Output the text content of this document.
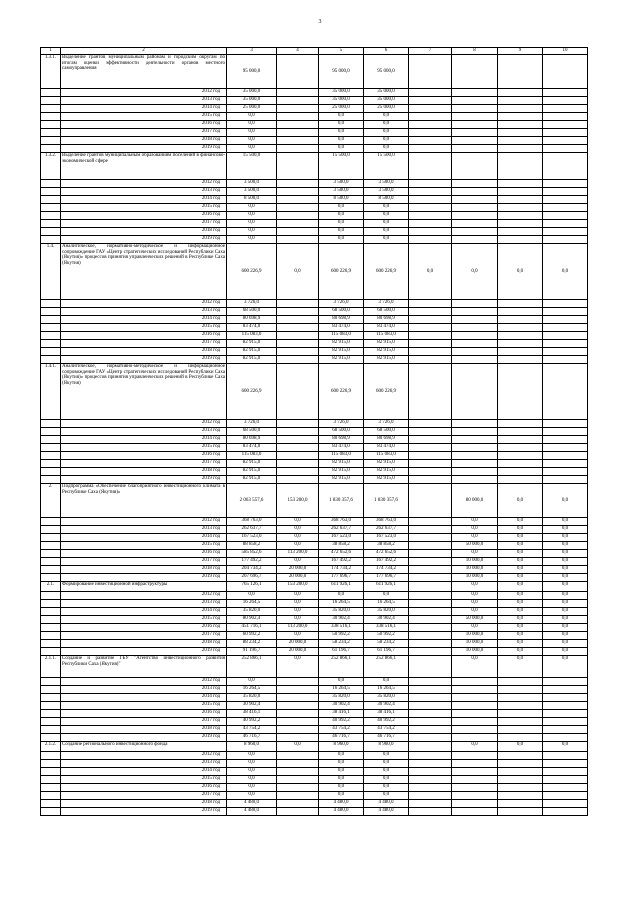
3
1	2	3	4	5	6	7	8	9	10
1.3.1.	Выделение грантов муниципальным районам и городским округам по итогам оценки эффективности деятельности органов местного самоуправления	95 000,0		95 000,0	95 000,0				
	2012 год	35 000,0		35 000,0	35 000,0				
	2013 год	35 000,0		35 000,0	35 000,0				
	2014 год	25 000,0		25 000,0	25 000,0				
	2015 год	0,0		0,0	0,0				
	2016 год	0,0		0,0	0,0				
	2017 год	0,0		0,0	0,0				
	2018 год	0,0		0,0	0,0				
	2019 год	0,0		0,0	0,0				
1.3.2.	Выделение грантов муниципальным образованиям поселений в финансово-экономической сфере	15 500,0		15 500,0	15 500,0				
	2012 год	3 500,0		3 500,0	3 500,0				
	2013 год	3 500,0		3 500,0	3 500,0				
	2014 год	8 500,0		8 500,0	8 500,0				
	2015 год	0,0		0,0	0,0				
	2016 год	0,0		0,0	0,0				
	2017 год	0,0		0,0	0,0				
	2018 год	0,0		0,0	0,0				
	2019 год	0,0		0,0	0,0				
1.4.	Аналитическое, нормативно-методическое и информационное сопровождение ГАУ «Центр стратегических исследований Республики Саха (Якутия)» процессов принятия управленческих решений в Республике Саха (Якутия)	600 226,9	0,0	600 226,9	600 226,9	0,0	0,0	0,0	0,0
	2012 год	3 726,0		3 726,0	3 726,0				
	2013 год	68 500,0		68 500,0	68 500,0				
	2014 год	80 698,9		80 698,9	80 698,9				
	2015 год	83 474,0		83 474,0	83 474,0				
	2016 год	115 083,0		115 083,0	115 083,0				
	2017 год	82 915,0		82 915,0	82 915,0				
	2018 год	82 915,0		82 915,0	82 915,0				
	2019 год	82 915,0		82 915,0	82 915,0				
1.4.1.	Аналитическое, нормативно-методическое и информационное сопровождение ГАУ «Центр стратегических исследований Республики Саха (Якутия)» процессов принятия управленческих решений в Республике Саха (Якутия)	600 226,9		600 226,9	600 226,9				
	2012 год	3 726,0		3 726,0	3 726,0				
	2013 год	68 500,0		68 500,0	68 500,0				
	2014 год	80 698,9		80 698,9	80 698,9				
	2015 год	83 474,0		83 474,0	83 474,0				
	2016 год	115 083,0		115 083,0	115 083,0				
	2017 год	82 915,0		82 915,0	82 915,0				
	2018 год	82 915,0		82 915,0	82 915,0				
	2019 год	82 915,0		82 915,0	82 915,0				
2.	Подпрограмма «Обеспечение благоприятного инвестиционного климата в Республике Саха (Якутия)»	2 063 557,6	153 200,0	1 830 357,6	1 830 357,6		80 000,0	0,0	0,0
	2012 год	368 763,0	0,0	368 763,0	368 763,0		0,0	0,0	0,0
	2013 год	262 637,7	0,0	262 637,7	262 637,7		0,0	0,0	0,0
	2014 год	167 523,0	0,0	167 523,0	167 523,0		0,0	0,0	0,0
	2015 год	88 858,2	0,0	38 858,2	38 858,2		50 000,0	0,0	0,0
	2016 год	585 852,6	113 200,0	472 652,6	472 652,6		0,0	0,0	0,0
	2017 год	177 492,2	0,0	167 492,2	167 492,2		10 000,0	0,0	0,0
	2018 год	204 734,2	20 000,0	174 734,2	174 734,2		10 000,0	0,0	0,0
	2019 год	207 696,7	20 000,0	177 696,7	177 696,7		10 000,0	0,0	0,0
2.1.	Формирование инвестиционной инфраструктуры	765 126,1	153 200,0	611 926,1	611 926,1		0,0	0,0	0,0
	2012 год	0,0	0,0	0,0	0,0		0,0	0,0	0,0
	2013 год	16 264,5	0,0	16 264,5	16 264,5		0,0	0,0	0,0
	2014 год	35 820,0	0,0	35 820,0	35 820,0		0,0	0,0	0,0
	2015 год	80 902,4	0,0	30 902,4	30 902,4		50 000,0	0,0	0,0
	2016 год	451 716,1	113 200,0	338 516,1	338 516,1		0,0	0,0	0,0
	2017 год	60 992,2	0,0	50 992,2	50 992,2		10 000,0	0,0	0,0
	2018 год	88 234,2	20 000,0	58 234,2	58 234,2		10 000,0	0,0	0,0
	2019 год	91 196,7	20 000,0	61 196,7	61 196,7		10 000,0	0,0	0,0
2.1.1.	Создание и развитие ГБУ "Агентство инвестиционного развития Республики Саха (Якутия)"	252 866,1	0,0	252 866,1	252 866,1		0,0	0,0	0,0
	2012 год	0,0		0,0	0,0				
	2013 год	16 264,5		16 264,5	16 264,5				
	2014 год	35 820,0		35 820,0	35 820,0				
	2015 год	30 902,4		30 902,4	30 902,4				
	2016 год	38 416,1		38 416,1	38 416,1				
	2017 год	40 992,2		40 992,2	40 992,2				
	2018 год	43 754,2		43 754,2	43 754,2				
	2019 год	46 716,7		46 716,7	46 716,7				
2.1.2.	Создание регионального инвестиционного фонда	8 960,0	0,0	8 960,0	8 960,0		0,0	0,0	0,0
	2012 год	0,0		0,0	0,0				
	2013 год	0,0		0,0	0,0				
	2014 год	0,0		0,0	0,0				
	2015 год	0,0		0,0	0,0				
	2016 год	0,0		0,0	0,0				
	2017 год	0,0		0,0	0,0				
	2018 год	4 480,0		4 480,0	4 480,0				
	2019 год	4 480,0		4 480,0	4 480,0				
